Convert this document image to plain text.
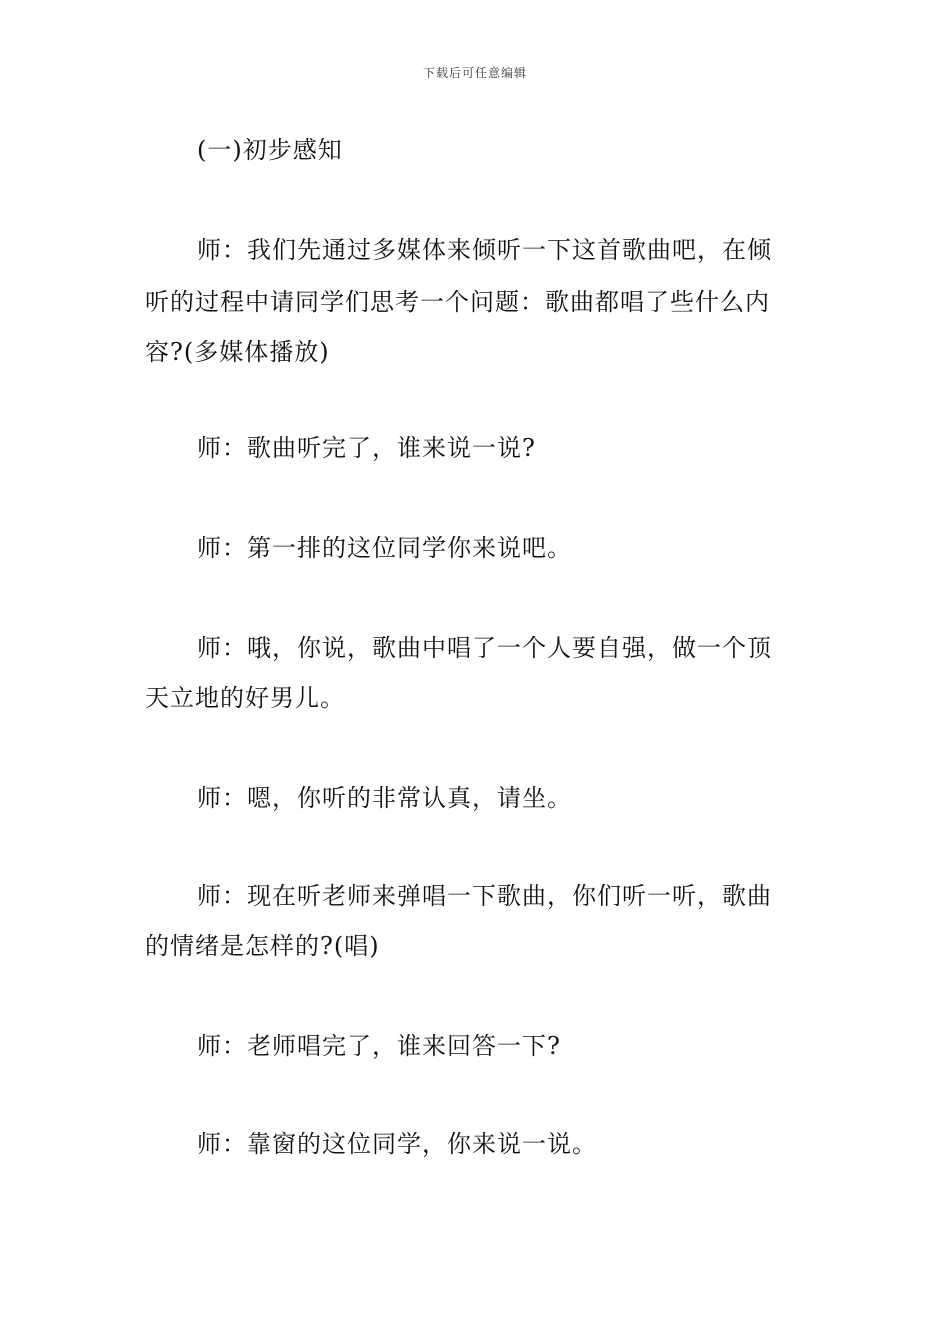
下载后可任意编辑
(一)初步感知
师：我们先通过多媒体来倾听一下这首歌曲吧，在倾
听的过程中请同学们思考一个问题：歌曲都唱了些什么内
容?(多媒体播放)
师：歌曲听完了，谁来说一说?
师：第一排的这位同学你来说吧。
师：哦，你说，歌曲中唱了一个人要自强，做一个顶
天立地的好男儿。
师：嗯，你听的非常认真，请坐。
师：现在听老师来弹唱一下歌曲，你们听一听，歌曲
的情绪是怎样的?(唱)
师：老师唱完了，谁来回答一下?
师：靠窗的这位同学，你来说一说。
